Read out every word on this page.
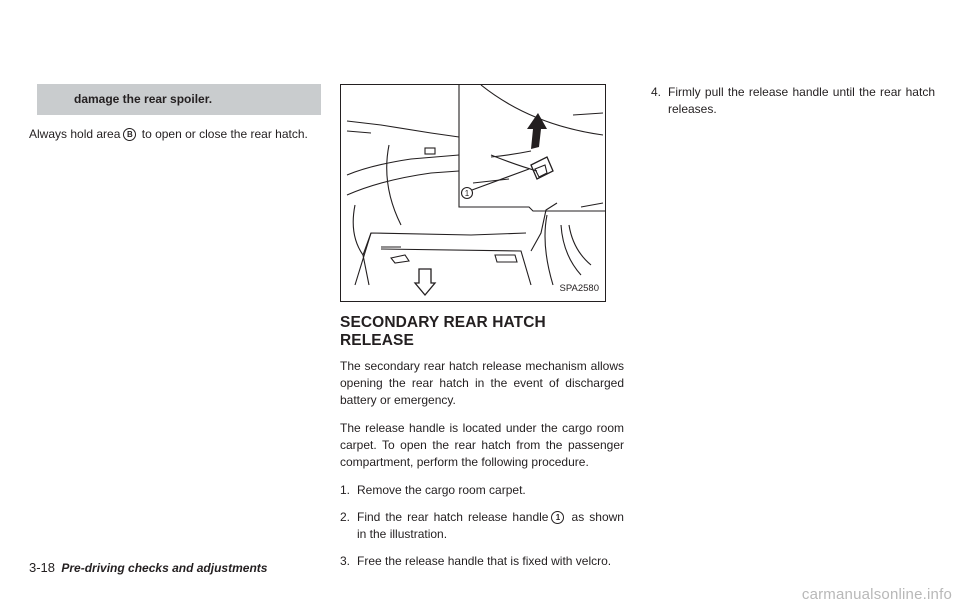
damage the rear spoiler.

Always hold area B to open or close the rear hatch.

1
SPA2580
SECONDARY REAR HATCH RELEASE

The secondary rear hatch release mechanism allows opening the rear hatch in the event of discharged battery or emergency.

The release handle is located under the cargo room carpet. To open the rear hatch from the passenger compartment, perform the following procedure.

1. Remove the cargo room carpet.
2. Find the rear hatch release handle 1 as shown in the illustration.
3. Free the release handle that is fixed with velcro.
4. Firmly pull the release handle until the rear hatch releases.
3-18 Pre-driving checks and adjustments
carmanualsonline.info
